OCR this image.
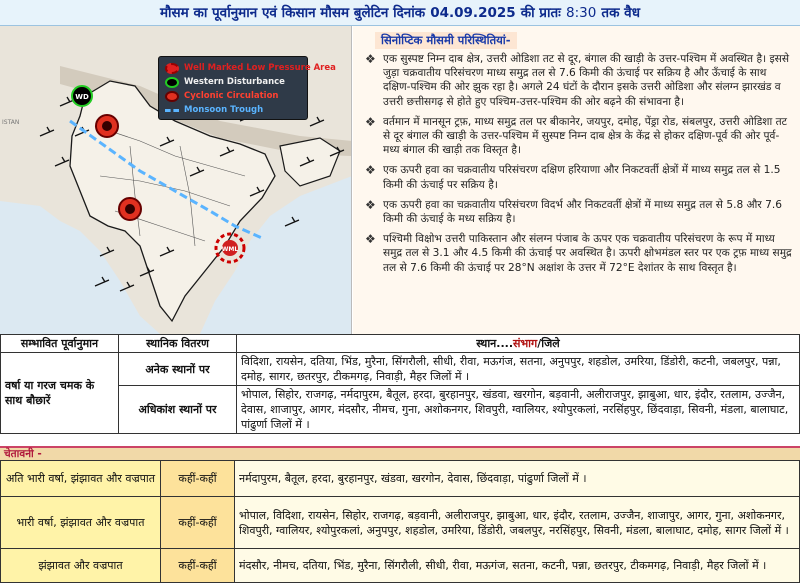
मौसम का पूर्वानुमान एवं किसान मौसम बुलेटिन दिनांक 04.09.2025 की प्रातः 8:30 तक वैध
WD
WML
ISTAN
Well Marked Low Pressure Area
Western Disturbance
Cyclonic Circulation
Monsoon Trough
सिनोप्टिक मौसमी परिस्थितियां-
❖ एक सुस्पष्ट निम्न दाब क्षेत्र, उत्तरी ओडिशा तट से दूर, बंगाल की खाड़ी के उत्तर-पश्चिम में अवस्थित है। इससे जुड़ा चक्रवातीय परिसंचरण माध्य समुद्र तल से 7.6 किमी की ऊंचाई पर सक्रिय है और ऊँचाई के साथ दक्षिण-पश्चिम की ओर झुक रहा है। अगले 24 घंटों के दौरान इसके उत्तरी ओडिशा और संलग्न झारखंड व उत्तरी छत्तीसगढ़ से होते हुए पश्चिम-उत्तर-पश्चिम की ओर बढ़ने की संभावना है।
❖ वर्तमान में मानसून ट्रफ़, माध्य समुद्र तल पर बीकानेर, जयपुर, दमोह, पेंड्रा रोड, संबलपुर, उत्तरी ओडिशा तट से दूर बंगाल की खाड़ी के उत्तर-पश्चिम में सुस्पष्ट निम्न दाब क्षेत्र के केंद्र से होकर दक्षिण-पूर्व की ओर पूर्व-मध्य बंगाल की खाड़ी तक विस्तृत है।
❖ एक ऊपरी हवा का चक्रवातीय परिसंचरण दक्षिण हरियाणा और निकटवर्ती क्षेत्रों में माध्य समुद्र तल से 1.5 किमी की ऊंचाई पर सक्रिय है।
❖ एक ऊपरी हवा का चक्रवातीय परिसंचरण विदर्भ और निकटवर्ती क्षेत्रों में माध्य समुद्र तल से 5.8 और 7.6 किमी की ऊंचाई के मध्य सक्रिय है।
❖ पश्चिमी विक्षोभ उत्तरी पाकिस्तान और संलग्न पंजाब के ऊपर एक चक्रवातीय परिसंचरण के रूप में माध्य समुद्र तल से 3.1 और 4.5 किमी की ऊंचाई पर अवस्थित है। ऊपरी क्षोभमंडल स्तर पर एक ट्रफ़ माध्य समुद्र तल से 7.6 किमी की ऊंचाई पर 28°N अक्षांश के उत्तर में 72°E देशांतर के साथ विस्तृत है।
सम्भावित पूर्वानुमान	स्थानिक वितरण	स्थान....संभाग/जिले
वर्षा या गरज चमक के साथ बौछारें	अनेक स्थानों पर	विदिशा, रायसेन, दतिया, भिंड, मुरैना, सिंगरौली, सीधी, रीवा, मऊगंज, सतना, अनुपपुर, शहडोल, उमरिया, डिंडोरी, कटनी, जबलपुर, पन्ना, दमोह, सागर, छतरपुर, टीकमगढ़, निवाड़ी, मैहर जिलों में ।
	अधिकांश स्थानों पर	भोपाल, सिहोर, राजगढ़, नर्मदापुरम, बैतूल, हरदा, बुरहानपुर, खंडवा, खरगोन, बड़वानी, अलीराजपुर, झाबुआ, धार, इंदौर, रतलाम, उज्जैन, देवास, शाजापुर, आगर, मंदसौर, नीमच, गुना, अशोकनगर, शिवपुरी, ग्वालियर, श्योपुरकलां, नरसिंहपुर, छिंदवाड़ा, सिवनी, मंडला, बालाघाट, पांढुर्णा जिलों में ।
चेतावनी -
अति भारी वर्षा, झंझावत और वज्रपात	कहीं-कहीं	नर्मदापुरम, बैतूल, हरदा, बुरहानपुर, खंडवा, खरगोन, देवास, छिंदवाड़ा, पांढुर्णा जिलों में ।
भारी वर्षा, झंझावत और वज्रपात	कहीं-कहीं	भोपाल, विदिशा, रायसेन, सिहोर, राजगढ़, बड़वानी, अलीराजपुर, झाबुआ, धार, इंदौर, रतलाम, उज्जैन, शाजापुर, आगर, गुना, अशोकनगर, शिवपुरी, ग्वालियर, श्योपुरकलां, अनुपपुर, शहडोल, उमरिया, डिंडोरी, जबलपुर, नरसिंहपुर, सिवनी, मंडला, बालाघाट, दमोह, सागर जिलों में ।
झंझावत और वज्रपात	कहीं-कहीं	मंदसौर, नीमच, दतिया, भिंड, मुरैना, सिंगरौली, सीधी, रीवा, मऊगंज, सतना, कटनी, पन्ना, छतरपुर, टीकमगढ़, निवाड़ी, मैहर जिलों में ।
